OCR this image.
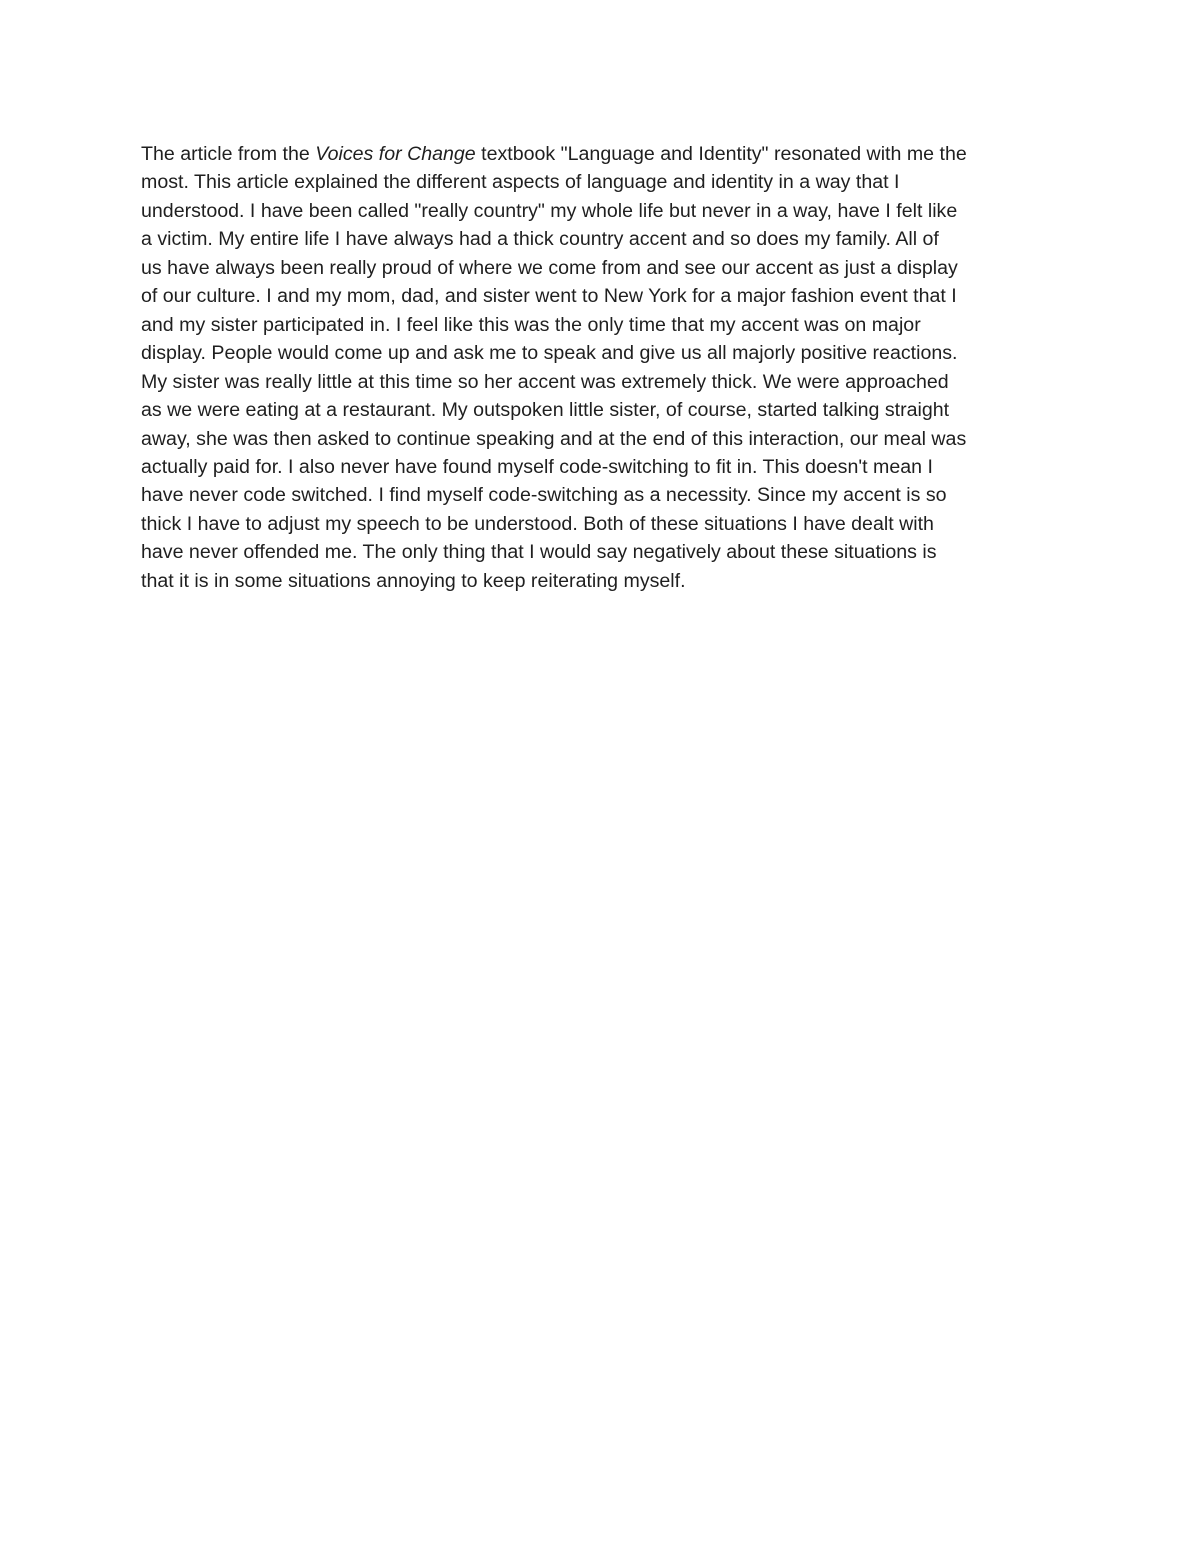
The article from the Voices for Change textbook "Language and Identity" resonated with me the
most. This article explained the different aspects of language and identity in a way that I
understood. I have been called "really country" my whole life but never in a way, have I felt like
a victim. My entire life I have always had a thick country accent and so does my family. All of
us have always been really proud of where we come from and see our accent as just a display
of our culture. I and my mom, dad, and sister went to New York for a major fashion event that I
and my sister participated in. I feel like this was the only time that my accent was on major
display. People would come up and ask me to speak and give us all majorly positive reactions.
My sister was really little at this time so her accent was extremely thick. We were approached
as we were eating at a restaurant. My outspoken little sister, of course, started talking straight
away, she was then asked to continue speaking and at the end of this interaction, our meal was
actually paid for. I also never have found myself code-switching to fit in. This doesn't mean I
have never code switched. I find myself code-switching as a necessity. Since my accent is so
thick I have to adjust my speech to be understood. Both of these situations I have dealt with
have never offended me. The only thing that I would say negatively about these situations is
that it is in some situations annoying to keep reiterating myself.
